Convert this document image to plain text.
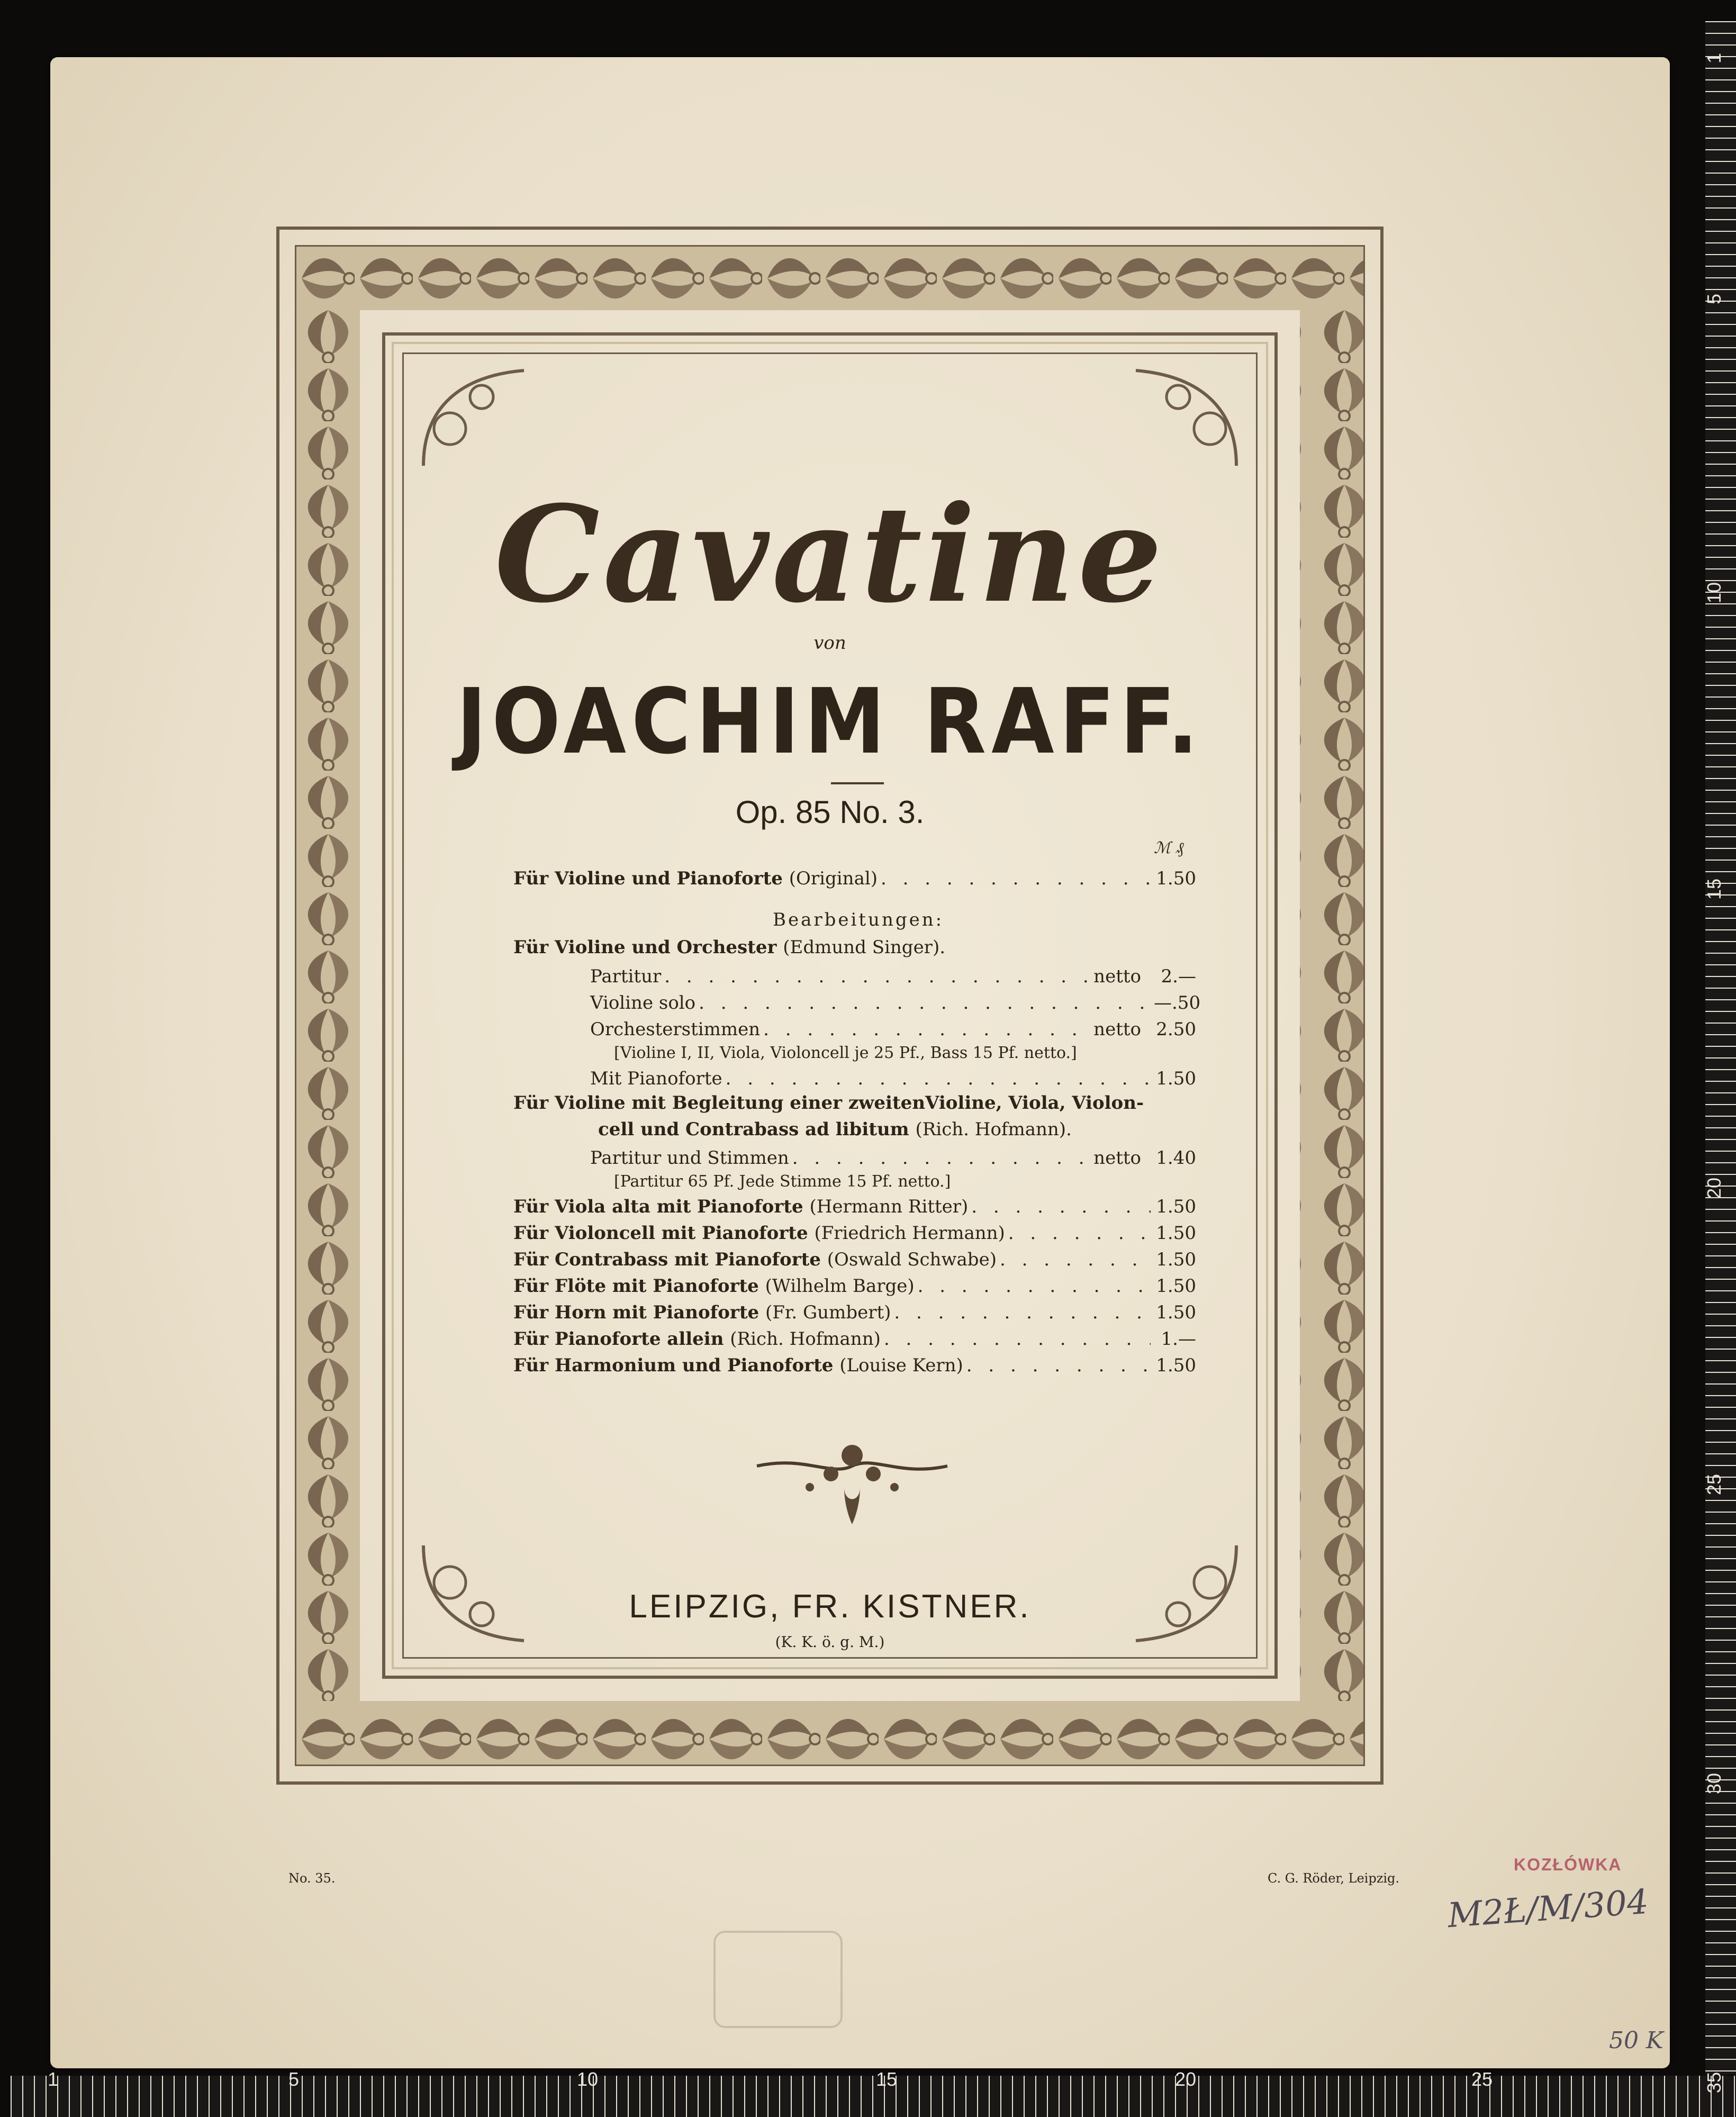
1	5	10	15	20	25
1
5
10
15
20
25
30
35
Cavatine
von
JOACHIM RAFF.
Op. 85 No. 3.
ℳ ₰
Für Violine und Pianoforte (Original) . . .	1.50
Bearbeitungen:
Für Violine und Orchester (Edmund Singer).
Partitur . . .	netto	2.—
Violine solo . . .	—.50
Orchesterstimmen . . .	netto 2.50
[Violine I, II, Viola, Violoncell je 25 Pf., Bass 15 Pf. netto.]
Mit Pianoforte . . .	1.50
Für Violine mit Begleitung einer zweitenVioline, Viola, Violon-
cell und Contrabass ad libitum (Rich. Hofmann).
Partitur und Stimmen . . .	netto 1.40
[Partitur 65 Pf. Jede Stimme 15 Pf. netto.]
Für Viola alta mit Pianoforte (Hermann Ritter) . . .	1.50
Für Violoncell mit Pianoforte (Friedrich Hermann) . . .	1.50
Für Contrabass mit Pianoforte (Oswald Schwabe) . . .	1.50
Für Flöte mit Pianoforte (Wilhelm Barge) . . .	1.50
Für Horn mit Pianoforte (Fr. Gumbert) . . .	1.50
Für Pianoforte allein (Rich. Hofmann) . . .	1.—
Für Harmonium und Pianoforte (Louise Kern) . . .	1.50
LEIPZIG, FR. KISTNER.
(K. K. ö. g. M.)
No. 35.	C. G. Röder, Leipzig.
KOZŁÓWKA
M2Ł/M/304
50 K
